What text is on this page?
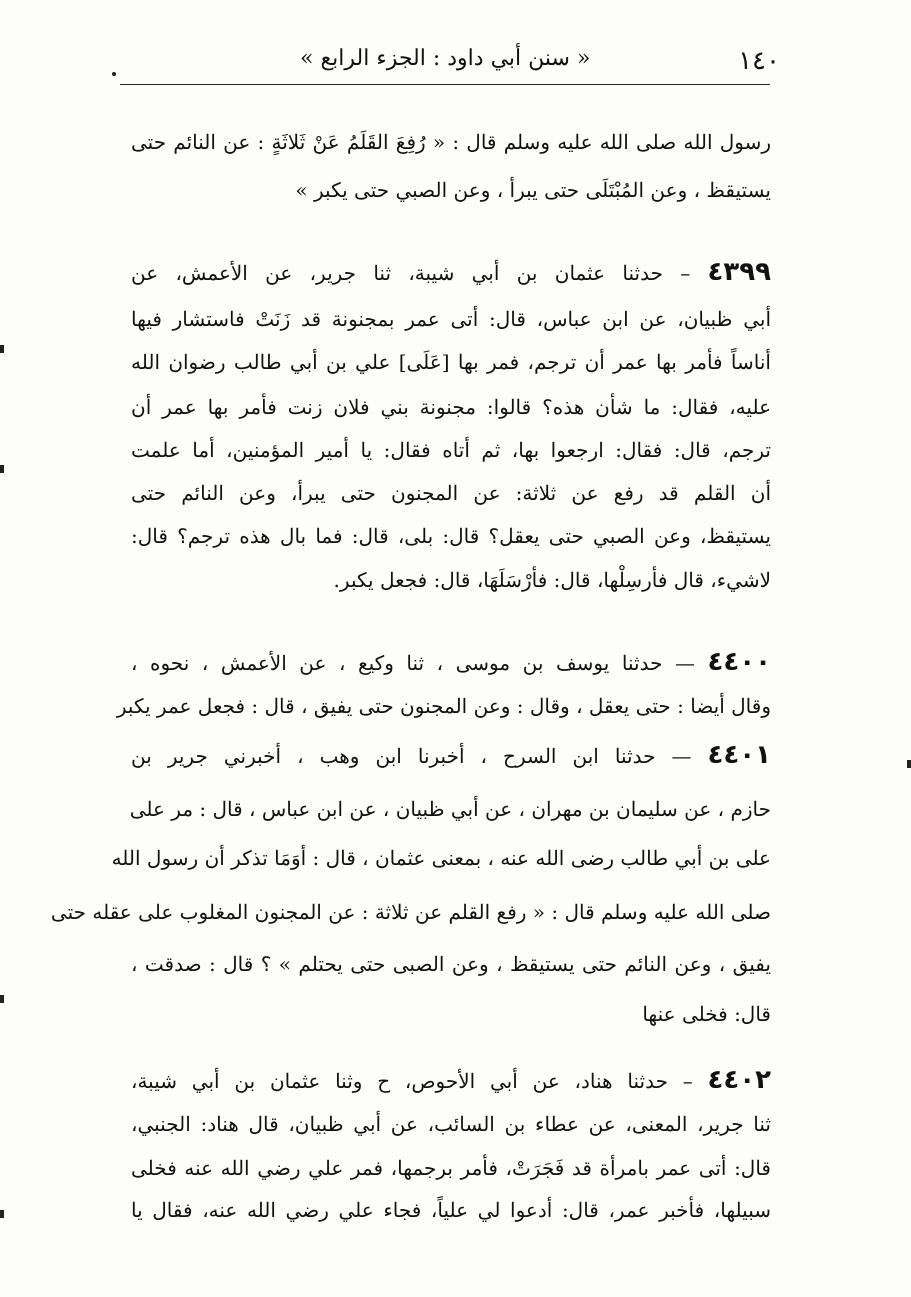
١٤٠
« سنن أبي داود : الجزء الرابع »
رسول الله صلى الله عليه وسلم قال : « رُفِعَ القَلَمُ عَنْ ثَلاثَةٍ : عن النائم حتى
يستيقظ ، وعن المُبْتَلَى حتى يبرأ ، وعن الصبي حتى يكبر »
٤٣٩٩ – حدثنا عثمان بن أبي شيبة، ثنا جرير، عن الأعمش، عن
أبي ظبيان، عن ابن عباس، قال: أتى عمر بمجنونة قد زَنَتْ فاستشار فيها
أناساً فأمر بها عمر أن ترجم، فمر بها [عَلَى] علي بن أبي طالب رضوان الله
عليه، فقال: ما شأن هذه؟ قالوا: مجنونة بني فلان زنت فأمر بها عمر أن
ترجم، قال: فقال: ارجعوا بها، ثم أتاه فقال: يا أمير المؤمنين، أما علمت
أن القلم قد رفع عن ثلاثة: عن المجنون حتى يبرأ، وعن النائم حتى
يستيقظ، وعن الصبي حتى يعقل؟ قال: بلى، قال: فما بال هذه ترجم؟ قال:
لاشيء، قال فأرسِلْها، قال: فأرْسَلَهَا، قال: فجعل يكبر.
٤٤٠٠ — حدثنا يوسف بن موسى ، ثنا وكيع ، عن الأعمش ، نحوه ،
وقال أيضا : حتى يعقل ، وقال : وعن المجنون حتى يفيق ، قال : فجعل عمر يكبر
٤٤٠١ — حدثنا ابن السرح ، أخبرنا ابن وهب ، أخبرني جرير بن
حازم ، عن سليمان بن مهران ، عن أبي ظبيان ، عن ابن عباس ، قال : مر على
على بن أبي طالب رضى الله عنه ، بمعنى عثمان ، قال : أوَمَا تذكر أن رسول الله
صلى الله عليه وسلم قال : « رفع القلم عن ثلاثة : عن المجنون المغلوب على عقله حتى
يفيق ، وعن النائم حتى يستيقظ ، وعن الصبى حتى يحتلم » ؟ قال : صدقت ،
قال: فخلى عنها
٤٤٠٢ – حدثنا هناد، عن أبي الأحوص، ح وثنا عثمان بن أبي شيبة،
ثنا جرير، المعنى، عن عطاء بن السائب، عن أبي ظبيان، قال هناد: الجنبي،
قال: أتى عمر بامرأة قد فَجَرَتْ، فأمر برجمها، فمر علي رضي الله عنه فخلى
سبيلها، فأخبر عمر، قال: أدعوا لي علياً، فجاء علي رضي الله عنه، فقال يا
